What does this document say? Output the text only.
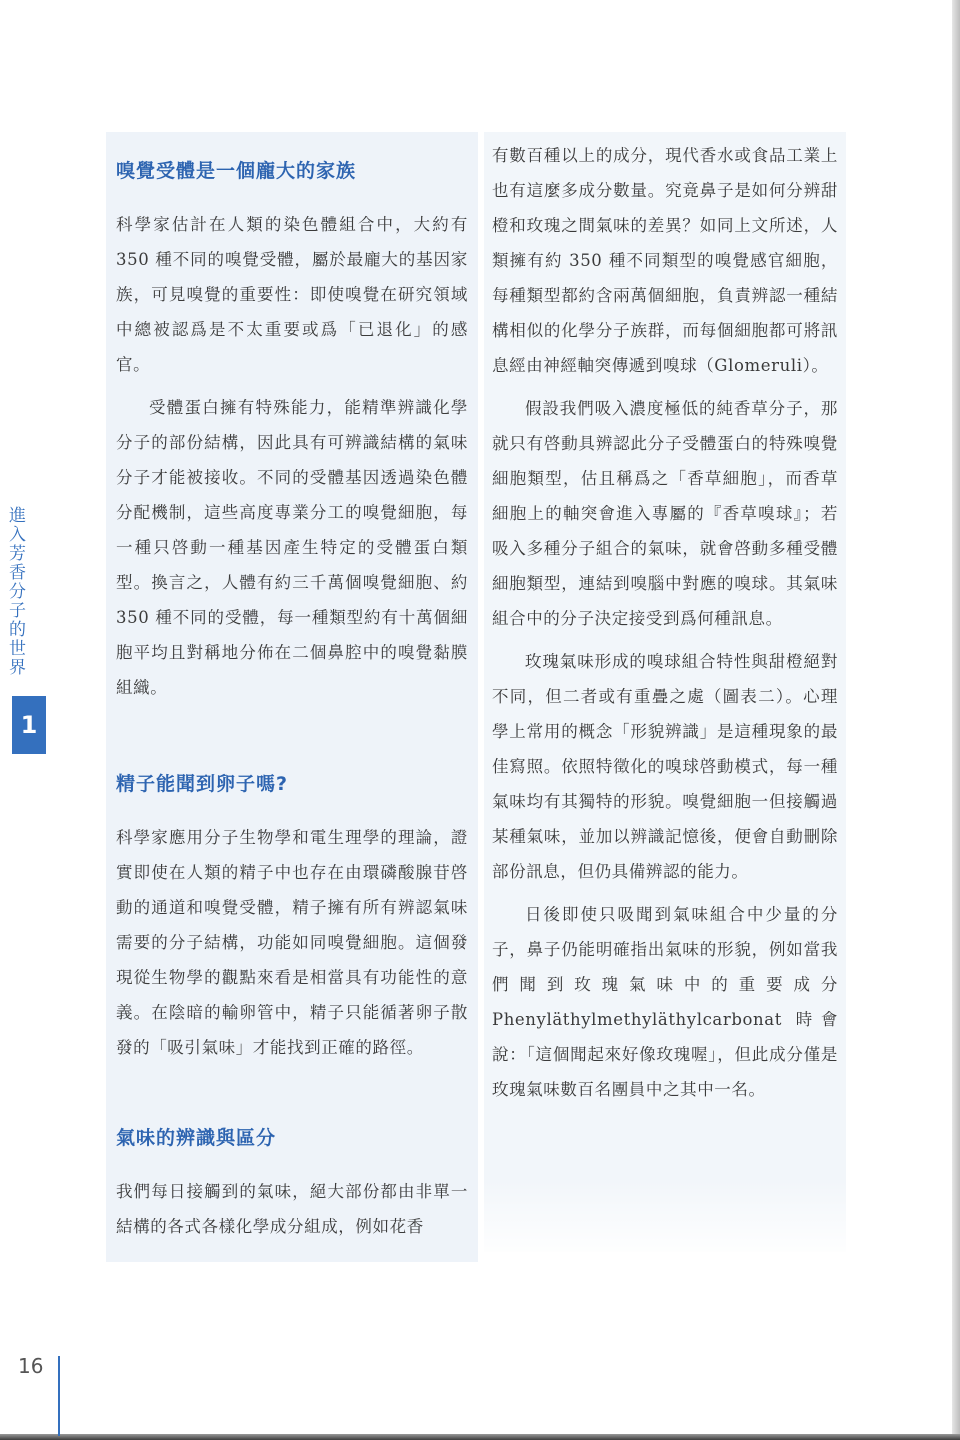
進入芳香分子的世界
1
嗅覺受體是一個龐大的家族

科學家估計在人類的染色體組合中，大約有350 種不同的嗅覺受體，屬於最龐大的基因家族，可見嗅覺的重要性：即使嗅覺在研究領域中總被認爲是不太重要或爲「已退化」的感官。

受體蛋白擁有特殊能力，能精準辨識化學分子的部份結構，因此具有可辨識結構的氣味分子才能被接收。不同的受體基因透過染色體分配機制，這些高度專業分工的嗅覺細胞，每一種只啓動一種基因產生特定的受體蛋白類型。換言之，人體有約三千萬個嗅覺細胞、約 350 種不同的受體，每一種類型約有十萬個細胞平均且對稱地分佈在二個鼻腔中的嗅覺黏膜組織。

精子能聞到卵子嗎?

科學家應用分子生物學和電生理學的理論，證實即使在人類的精子中也存在由環磷酸腺苷啓動的通道和嗅覺受體，精子擁有所有辨認氣味需要的分子結構，功能如同嗅覺細胞。這個發現從生物學的觀點來看是相當具有功能性的意義。在陰暗的輸卵管中，精子只能循著卵子散發的「吸引氣味」才能找到正確的路徑。

氣味的辨識與區分

我們每日接觸到的氣味，絕大部份都由非單一結構的各式各樣化學成分組成，例如花香

有數百種以上的成分，現代香水或食品工業上也有這麼多成分數量。究竟鼻子是如何分辨甜橙和玫瑰之間氣味的差異？如同上文所述，人類擁有約 350 種不同類型的嗅覺感官細胞，每種類型都約含兩萬個細胞，負責辨認一種結構相似的化學分子族群，而每個細胞都可將訊息經由神經軸突傳遞到嗅球（Glomeruli）。

假設我們吸入濃度極低的純香草分子，那就只有啓動具辨認此分子受體蛋白的特殊嗅覺細胞類型，估且稱爲之「香草細胞」，而香草細胞上的軸突會進入專屬的『香草嗅球』；若吸入多種分子組合的氣味，就會啓動多種受體細胞類型，連結到嗅腦中對應的嗅球。其氣味組合中的分子決定接受到爲何種訊息。

玫瑰氣味形成的嗅球組合特性與甜橙絕對不同，但二者或有重疊之處（圖表二）。心理學上常用的概念「形貌辨識」是這種現象的最佳寫照。依照特徵化的嗅球啓動模式，每一種氣味均有其獨特的形貌。嗅覺細胞一但接觸過某種氣味，並加以辨識記憶後，便會自動刪除部份訊息，但仍具備辨認的能力。

日後即使只吸聞到氣味組合中少量的分子，鼻子仍能明確指出氣味的形貌，例如當我們聞到玫瑰氣味中的重要成分 Phenyläthylmethyläthylcarbonat 時會說：「這個聞起來好像玫瑰喔」，但此成分僅是玫瑰氣味數百名團員中之其中一名。

16
